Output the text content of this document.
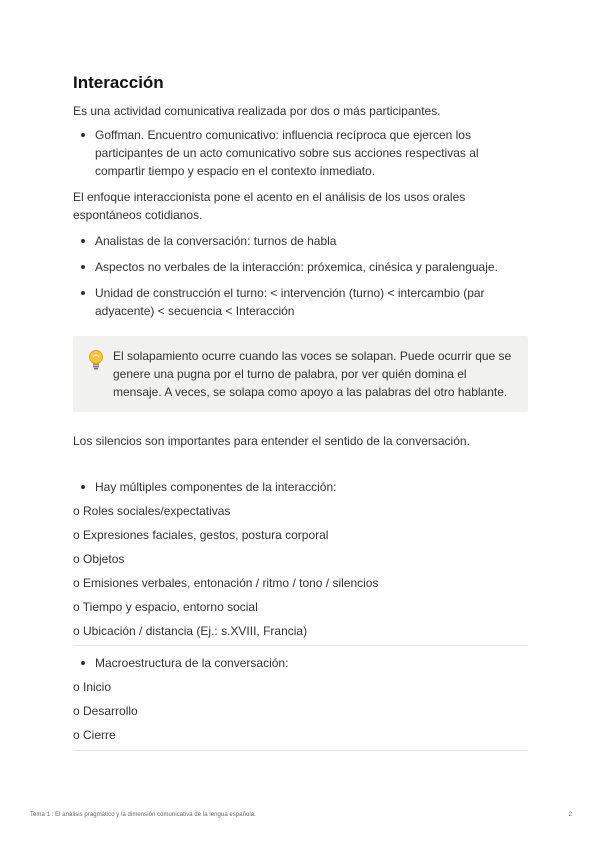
Interacción

Es una actividad comunicativa realizada por dos o más participantes.

Goffman. Encuentro comunicativo: influencia recíproca que ejercen los participantes de un acto comunicativo sobre sus acciones respectivas al compartir tiempo y espacio en el contexto inmediato.

El enfoque interaccionista pone el acento en el análisis de los usos orales espontáneos cotidianos.

Analistas de la conversación: turnos de habla
Aspectos no verbales de la interacción: próxemica, cinésica y paralenguaje.
Unidad de construcción el turno: < intervención (turno) < intercambio (par adyacente) < secuencia < Interacción
El solapamiento ocurre cuando las voces se solapan. Puede ocurrir que se genere una pugna por el turno de palabra, por ver quién domina el mensaje. A veces, se solapa como apoyo a las palabras del otro hablante.

Los silencios son importantes para entender el sentido de la conversación.

Hay múltiples componentes de la interacción:
o Roles sociales/expectativas
o Expresiones faciales, gestos, postura corporal
o Objetos
o Emisiones verbales, entonación / ritmo / tono / silencios
o Tiempo y espacio, entorno social
o Ubicación / distancia (Ej.: s.XVIII, Francia)
Macroestructura de la conversación:
o Inicio
o Desarrollo
o Cierre
Tema 1 : El análisis pragmático y la dimensión comunicativa de la lengua española.	2
